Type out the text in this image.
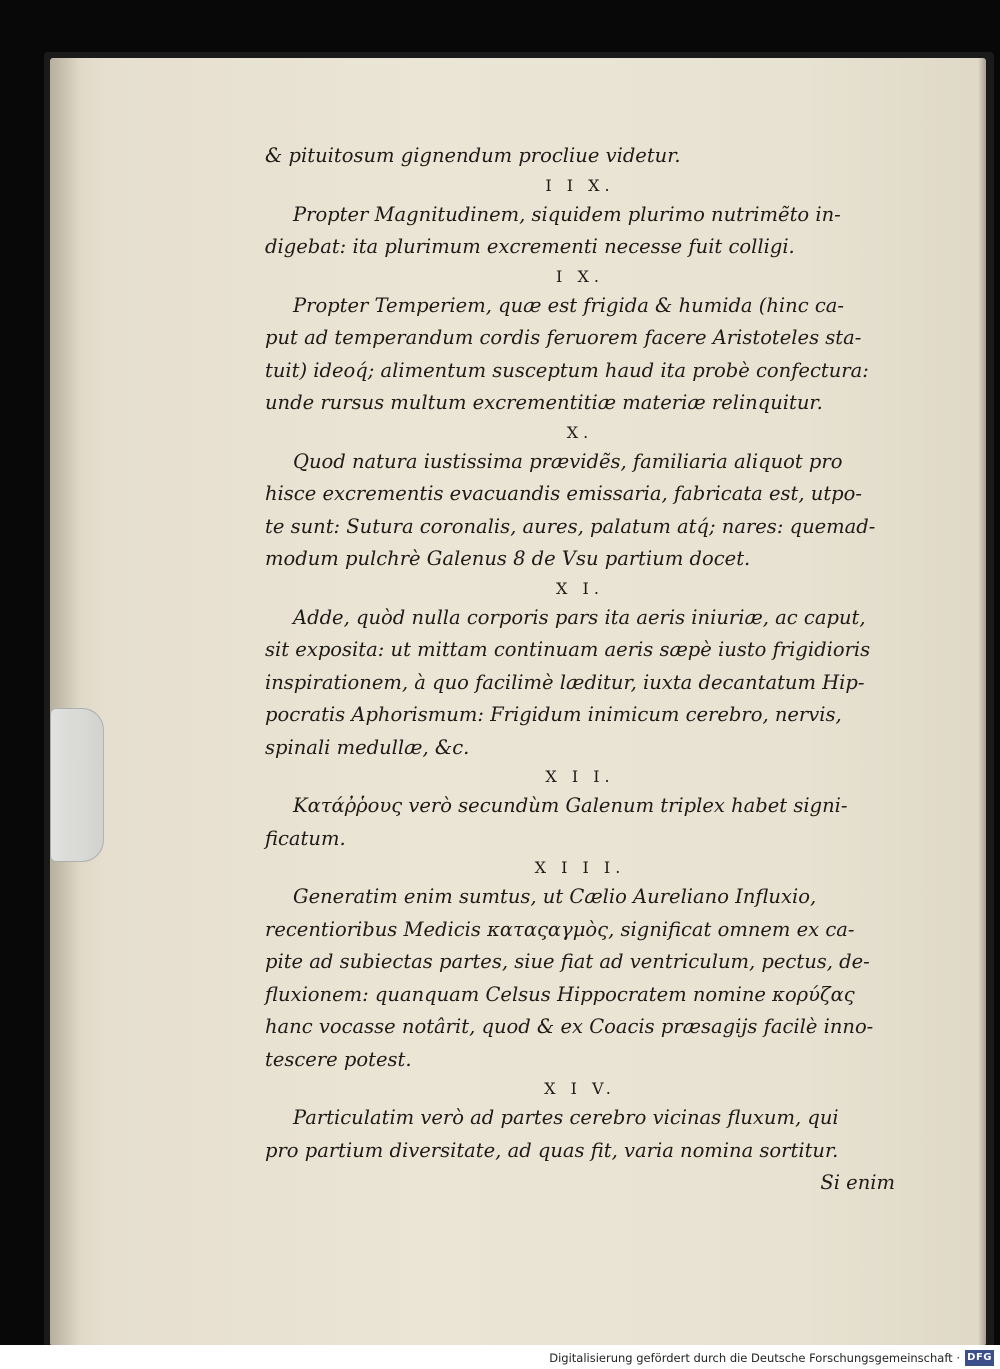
& pituitosum gignendum procliue videtur.
I I X.
Propter Magnitudinem, siquidem plurimo nutrimẽto in-
digebat: ita plurimum excrementi necesse fuit colligi.
I X.
Propter Temperiem, quæ est frigida & humida (hinc ca-
put ad temperandum cordis feruorem facere Aristoteles sta-
tuit) ideoq́; alimentum susceptum haud ita probè confectura:
unde rursus multum excrementitiæ materiæ relinquitur.
X.
Quod natura iustissima prævidẽs, familiaria aliquot pro
hisce excrementis evacuandis emissaria, fabricata est, utpo-
te sunt: Sutura coronalis, aures, palatum atq́; nares: quemad-
modum pulchrè Galenus 8 de Vsu partium docet.
X I.
Adde, quòd nulla corporis pars ita aeris iniuriæ, ac caput,
sit exposita: ut mittam continuam aeris sæpè iusto frigidioris
inspirationem, à quo facilimè læditur, iuxta decantatum Hip-
pocratis Aphorismum: Frigidum inimicum cerebro, nervis,
spinali medullæ, &c.
X I I.
Κατάῤῥους verò secundùm Galenum triplex habet signi-
ficatum.
X I I I.
Generatim enim sumtus, ut Cælio Aureliano Influxio,
recentioribus Medicis καταςαγμὸς, significat omnem ex ca-
pite ad subiectas partes, siue fiat ad ventriculum, pectus, de-
fluxionem: quanquam Celsus Hippocratem nomine κορύζας
hanc vocasse notârit, quod & ex Coacis præsagijs facilè inno-
tescere potest.
X I V.
Particulatim verò ad partes cerebro vicinas fluxum, qui
pro partium diversitate, ad quas fit, varia nomina sortitur.
Si enim
Digitalisierung gefördert durch die Deutsche Forschungsgemeinschaft · DFG
